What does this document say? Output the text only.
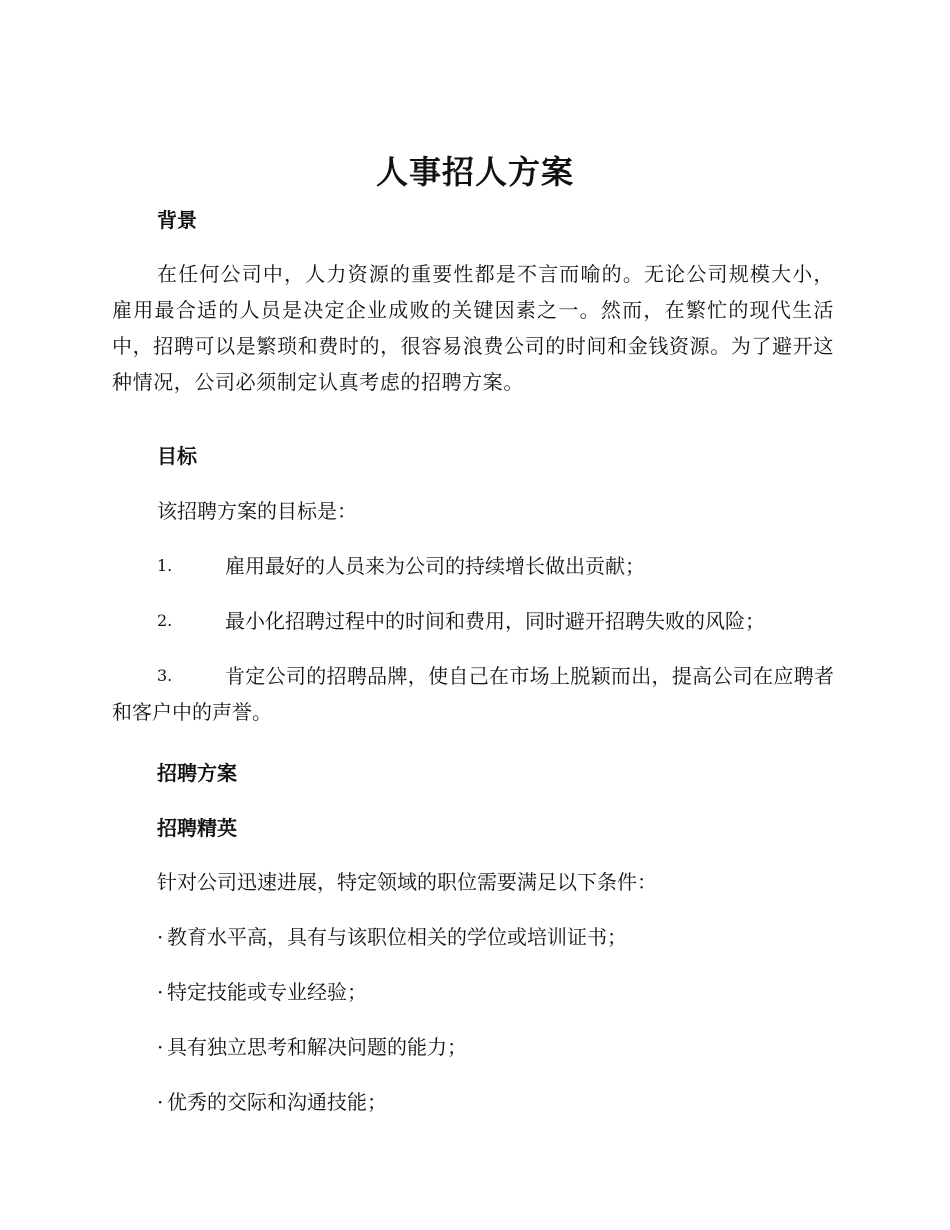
人事招人方案
背景
在任何公司中，人力资源的重要性都是不言而喻的。无论公司规模大小，雇用最合适的人员是决定企业成败的关键因素之一。然而，在繁忙的现代生活中，招聘可以是繁琐和费时的，很容易浪费公司的时间和金钱资源。为了避开这种情况，公司必须制定认真考虑的招聘方案。
目标
该招聘方案的目标是：
1.	雇用最好的人员来为公司的持续增长做出贡献；
2.	最小化招聘过程中的时间和费用，同时避开招聘失败的风险；
3.	肯定公司的招聘品牌，使自己在市场上脱颖而出，提高公司在应聘者和客户中的声誉。
招聘方案
招聘精英
针对公司迅速进展，特定领域的职位需要满足以下条件：
· 教育水平高，具有与该职位相关的学位或培训证书；
· 特定技能或专业经验；
· 具有独立思考和解决问题的能力；
· 优秀的交际和沟通技能；
